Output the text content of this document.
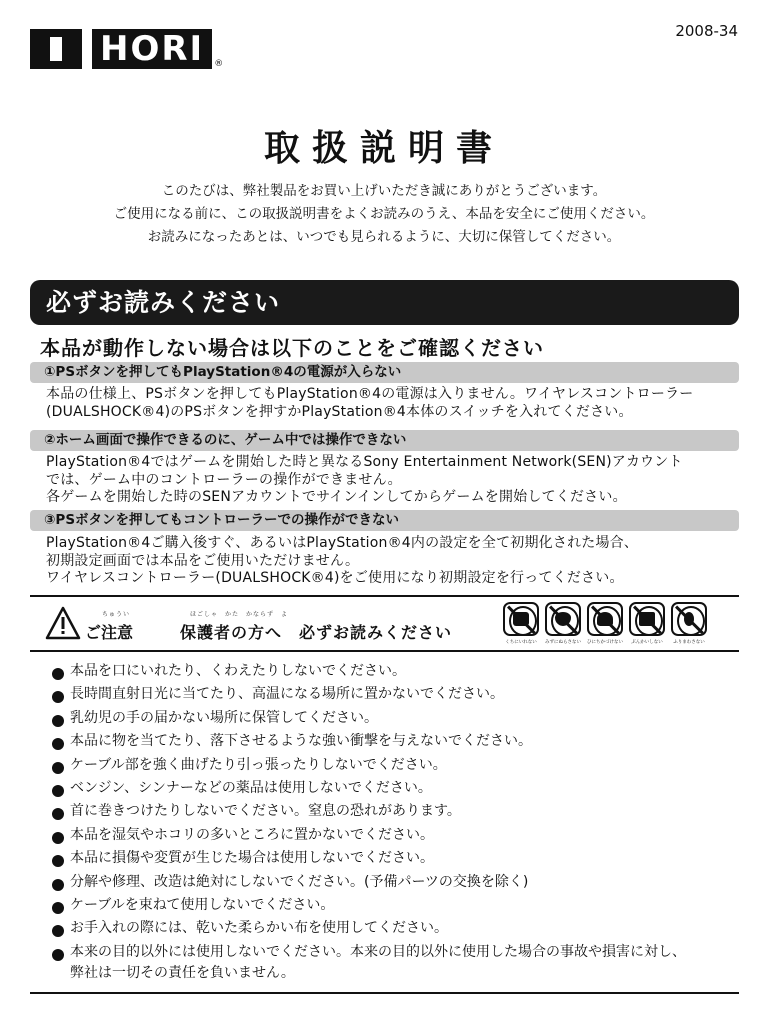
HORI	®
2008-34
取扱説明書
このたびは、弊社製品をお買い上げいただき誠にありがとうございます。
ご使用になる前に、この取扱説明書をよくお読みのうえ、本品を安全にご使用ください。
お読みになったあとは、いつでも見られるように、大切に保管してください。
必ずお読みください
本品が動作しない場合は以下のことをご確認ください
①PSボタンを押してもPlayStation®4の電源が入らない
本品の仕様上、PSボタンを押してもPlayStation®4の電源は入りません。ワイヤレスコントローラー
(DUALSHOCK®4)のPSボタンを押すかPlayStation®4本体のスイッチを入れてください。
②ホーム画面で操作できるのに、ゲーム中では操作できない
PlayStation®4ではゲームを開始した時と異なるSony Entertainment Network(SEN)アカウント
では、ゲーム中のコントローラーの操作ができません。
各ゲームを開始した時のSENアカウントでサインインしてからゲームを開始してください。
③PSボタンを押してもコントローラーでの操作ができない
PlayStation®4ご購入後すぐ、あるいはPlayStation®4内の設定を全て初期化された場合、
初期設定画面では本品をご使用いただけません。
ワイヤレスコントローラー(DUALSHOCK®4)をご使用になり初期設定を行ってください。
ちゅうい
ご注意
ほごしゃ　かた　かならず　よ
保護者の方へ　必ずお読みください
くちにいれない みずにぬらさない ひにちかづけない ぶんかいしない ふりまわさない
本品を口にいれたり、くわえたりしないでください。
長時間直射日光に当てたり、高温になる場所に置かないでください。
乳幼児の手の届かない場所に保管してください。
本品に物を当てたり、落下させるような強い衝撃を与えないでください。
ケーブル部を強く曲げたり引っ張ったりしないでください。
ベンジン、シンナーなどの薬品は使用しないでください。
首に巻きつけたりしないでください。窒息の恐れがあります。
本品を湿気やホコリの多いところに置かないでください。
本品に損傷や変質が生じた場合は使用しないでください。
分解や修理、改造は絶対にしないでください。(予備パーツの交換を除く)
ケーブルを束ねて使用しないでください。
お手入れの際には、乾いた柔らかい布を使用してください。
本来の目的以外には使用しないでください。本来の目的以外に使用した場合の事故や損害に対し、
弊社は一切その責任を負いません。
